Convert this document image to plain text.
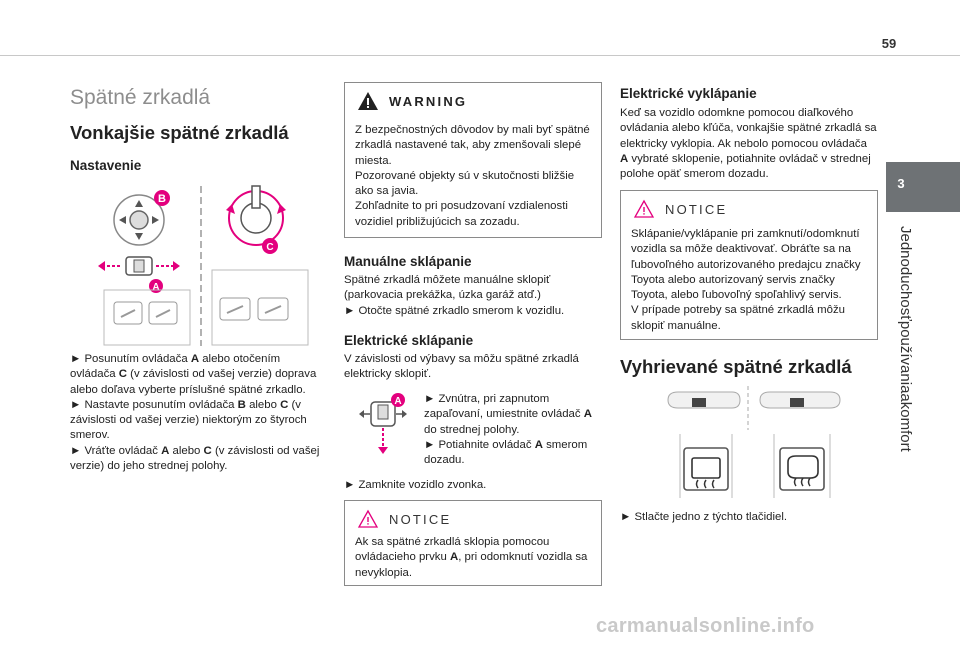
59
3
Jednoduchosťpoužívaniaakomfort
Spätné zrkadlá
Vonkajšie spätné zrkadlá
Nastavenie
B
A
C

► Posunutím ovládača A alebo otočením ovládača C (v závislosti od vašej verzie) doprava alebo doľava vyberte príslušné spätné zrkadlo.

► Nastavte posunutím ovládača B alebo C (v závislosti od vašej verzie) niektorým zo štyroch smerov.

► Vráťte ovládač A alebo C (v závislosti od vašej verzie) do jeho strednej polohy.

WARNING

Z bezpečnostných dôvodov by mali byť spätné zrkadlá nastavené tak, aby zmenšovali slepé miesta.

Pozorované objekty sú v skutočnosti bližšie ako sa javia.

Zohľadnite to pri posudzovaní vzdialenosti vozidiel približujúcich sa zozadu.

Manuálne sklápanie

Spätné zrkadlá môžete manuálne sklopiť (parkovacia prekážka, úzka garáž atď.)

► Otočte spätné zrkadlo smerom k vozidlu.

Elektrické sklápanie
V závislosti od výbavy sa môžu spätné zrkadlá elektricky sklopiť.
A ► Zvnútra, pri zapnutom zapaľovaní, umiestnite ovládač A do strednej polohy.

► Potiahnite ovládač A smerom dozadu.

► Zamknite vozidlo zvonka.
NOTICE
Ak sa spätné zrkadlá sklopia pomocou ovládacieho prvku A, pri odomknutí vozidla sa nevyklopia.
Elektrické vyklápanie
Keď sa vozidlo odomkne pomocou diaľkového ovládania alebo kľúča, vonkajšie spätné zrkadlá sa elektricky vyklopia. Ak nebolo pomocou ovládača A vybraté sklopenie, potiahnite ovládač v strednej polohe opäť smerom dozadu.
NOTICE

Sklápanie/vyklápanie pri zamknutí/odomknutí vozidla sa môže deaktivovať. Obráťte sa na ľubovoľného autorizovaného predajcu značky Toyota alebo autorizovaný servis značky Toyota, alebo ľubovoľný spoľahlivý servis.

V prípade potreby sa spätné zrkadlá môžu sklopiť manuálne.

Vyhrievané spätné zrkadlá
► Stlačte jedno z týchto tlačidiel.
carmanualsonline.info
